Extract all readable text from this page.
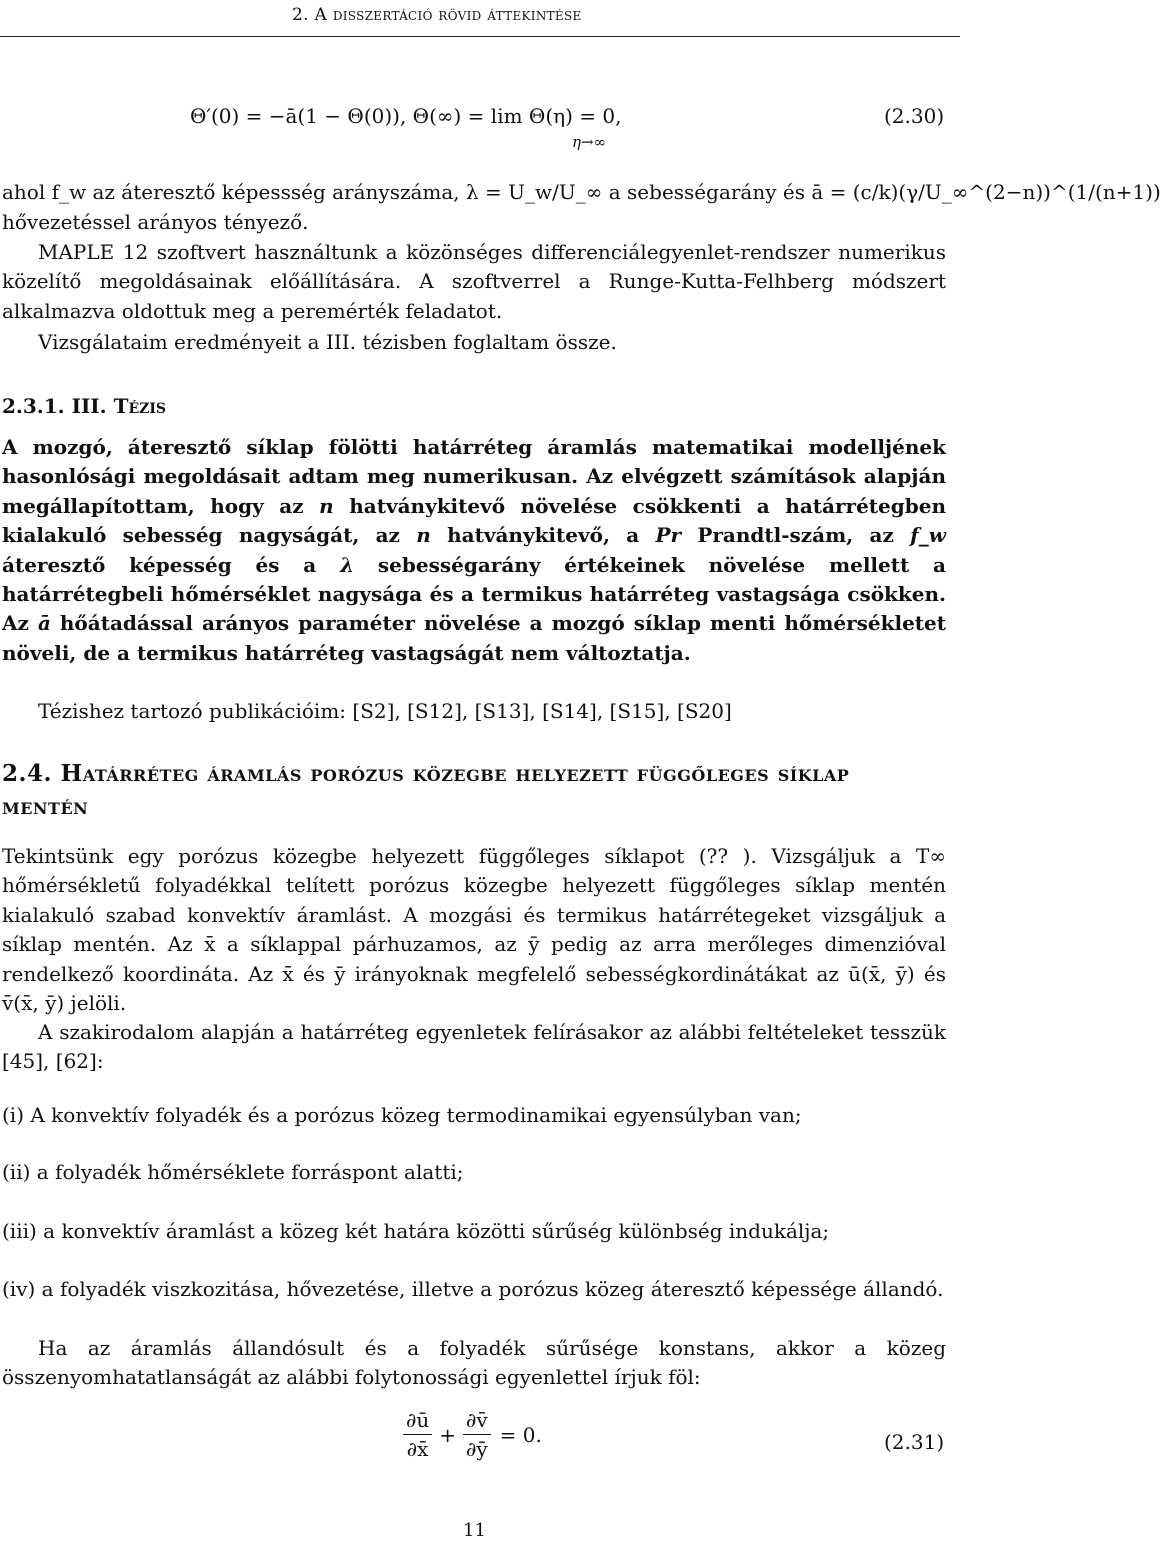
2. A disszertáció rövid áttekintése
Θ′(0) = −ā(1 − Θ(0)), Θ(∞) = lim Θ(η) = 0,
η→∞
(2.30)
ahol f_w az áteresztő képessség arányszáma, λ = U_w/U_∞ a sebességarány és ā = (c/k)(γ/U_∞^(2−n))^(1/(n+1))
hővezetéssel arányos tényező.
MAPLE 12 szoftvert használtunk a közönséges differenciálegyenlet-rendszer numerikus közelítő megoldásainak előállítására. A szoftverrel a Runge-Kutta-Felhberg módszert alkalmazva oldottuk meg a peremérték feladatot.
Vizsgálataim eredményeit a III. tézisben foglaltam össze.
2.3.1. III. Tézis
A mozgó, áteresztő síklap fölötti határréteg áramlás matematikai modelljének hasonlósági megoldásait adtam meg numerikusan. Az elvégzett számítások alapján megállapítottam, hogy az n hatványkitevő növelése csökkenti a határrétegben kialakuló sebesség nagyságát, az n hatványkitevő, a Pr Prandtl-szám, az f_w áteresztő képesség és a λ sebességarány értékeinek növelése mellett a határrétegbeli hőmérséklet nagysága és a termikus határréteg vastagsága csökken. Az ā hőátadással arányos paraméter növelése a mozgó síklap menti hőmérsékletet növeli, de a termikus határréteg vastagságát nem változtatja.
Tézishez tartozó publikációim: [S2], [S12], [S13], [S14], [S15], [S20]
2.4. Határréteg áramlás porózus közegbe helyezett függőleges síklap mentén
Tekintsünk egy porózus közegbe helyezett függőleges síklapot (?? ). Vizsgáljuk a T∞ hőmérsékletű folyadékkal telített porózus közegbe helyezett függőleges síklap mentén kialakuló szabad konvektív áramlást. A mozgási és termikus határrétegeket vizsgáljuk a síklap mentén. Az x̄ a síklappal párhuzamos, az ȳ pedig az arra merőleges dimenzióval rendelkező koordináta. Az x̄ és ȳ irányoknak megfelelő sebességkordinátákat az ū(x̄, ȳ) és v̄(x̄, ȳ) jelöli.
A szakirodalom alapján a határréteg egyenletek felírásakor az alábbi feltételeket tesszük [45], [62]:
(i) A konvektív folyadék és a porózus közeg termodinamikai egyensúlyban van;
(ii) a folyadék hőmérséklete forráspont alatti;
(iii) a konvektív áramlást a közeg két határa közötti sűrűség különbség indukálja;
(iv) a folyadék viszkozitása, hővezetése, illetve a porózus közeg áteresztő képessége állandó.
Ha az áramlás állandósult és a folyadék sűrűsége konstans, akkor a közeg összenyomhatatlanságát az alábbi folytonossági egyenlettel írjuk föl:
$\frac{\partial ū}{\partial x̄} + \frac{\partial v̄}{\partial ȳ} = 0$.	(2.31)
11
